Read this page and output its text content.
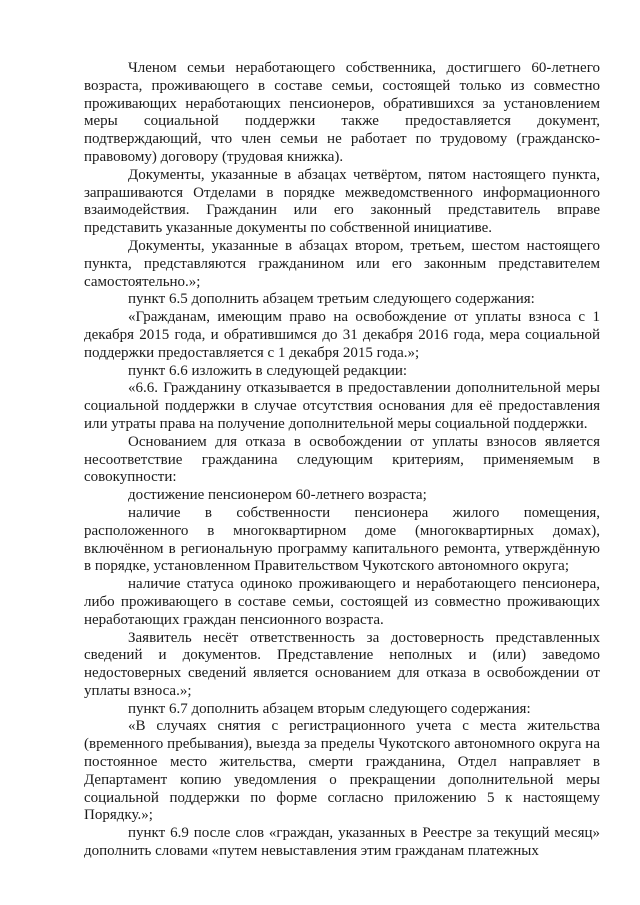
Членом семьи неработающего собственника, достигшего 60-летнего возраста, проживающего в составе семьи, состоящей только из совместно проживающих неработающих пенсионеров, обратившихся за установлением меры социальной поддержки также предоставляется документ, подтверждающий, что член семьи не работает по трудовому (гражданско-правовому) договору (трудовая книжка).

Документы, указанные в абзацах четвёртом, пятом настоящего пункта, запрашиваются Отделами в порядке межведомственного информационного взаимодействия. Гражданин или его законный представитель вправе представить указанные документы по собственной инициативе.

Документы, указанные в абзацах втором, третьем, шестом настоящего пункта, представляются гражданином или его законным представителем самостоятельно.»;

пункт 6.5 дополнить абзацем третьим следующего содержания:

«Гражданам, имеющим право на освобождение от уплаты взноса с 1 декабря 2015 года, и обратившимся до 31 декабря 2016 года, мера социальной поддержки предоставляется с 1 декабря 2015 года.»;

пункт 6.6 изложить в следующей редакции:

«6.6. Гражданину отказывается в предоставлении дополнительной меры социальной поддержки в случае отсутствия основания для её предоставления или утраты права на получение дополнительной меры социальной поддержки.

Основанием для отказа в освобождении от уплаты взносов является несоответствие гражданина следующим критериям, применяемым в совокупности:

достижение пенсионером 60-летнего возраста;

наличие в собственности пенсионера жилого помещения, расположенного в многоквартирном доме (многоквартирных домах), включённом в региональную программу капитального ремонта, утверждённую в порядке, установленном Правительством Чукотского автономного округа;

наличие статуса одиноко проживающего и неработающего пенсионера, либо проживающего в составе семьи, состоящей из совместно проживающих неработающих граждан пенсионного возраста.

Заявитель несёт ответственность за достоверность представленных сведений и документов. Представление неполных и (или) заведомо недостоверных сведений является основанием для отказа в освобождении от уплаты взноса.»;

пункт 6.7 дополнить абзацем вторым следующего содержания:

«В случаях снятия с регистрационного учета с места жительства (временного пребывания), выезда за пределы Чукотского автономного округа на постоянное место жительства, смерти гражданина, Отдел направляет в Департамент копию уведомления о прекращении дополнительной меры социальной поддержки по форме согласно приложению 5 к настоящему Порядку.»;

пункт 6.9 после слов «граждан, указанных в Реестре за текущий месяц» дополнить словами «путем невыставления этим гражданам платежных
